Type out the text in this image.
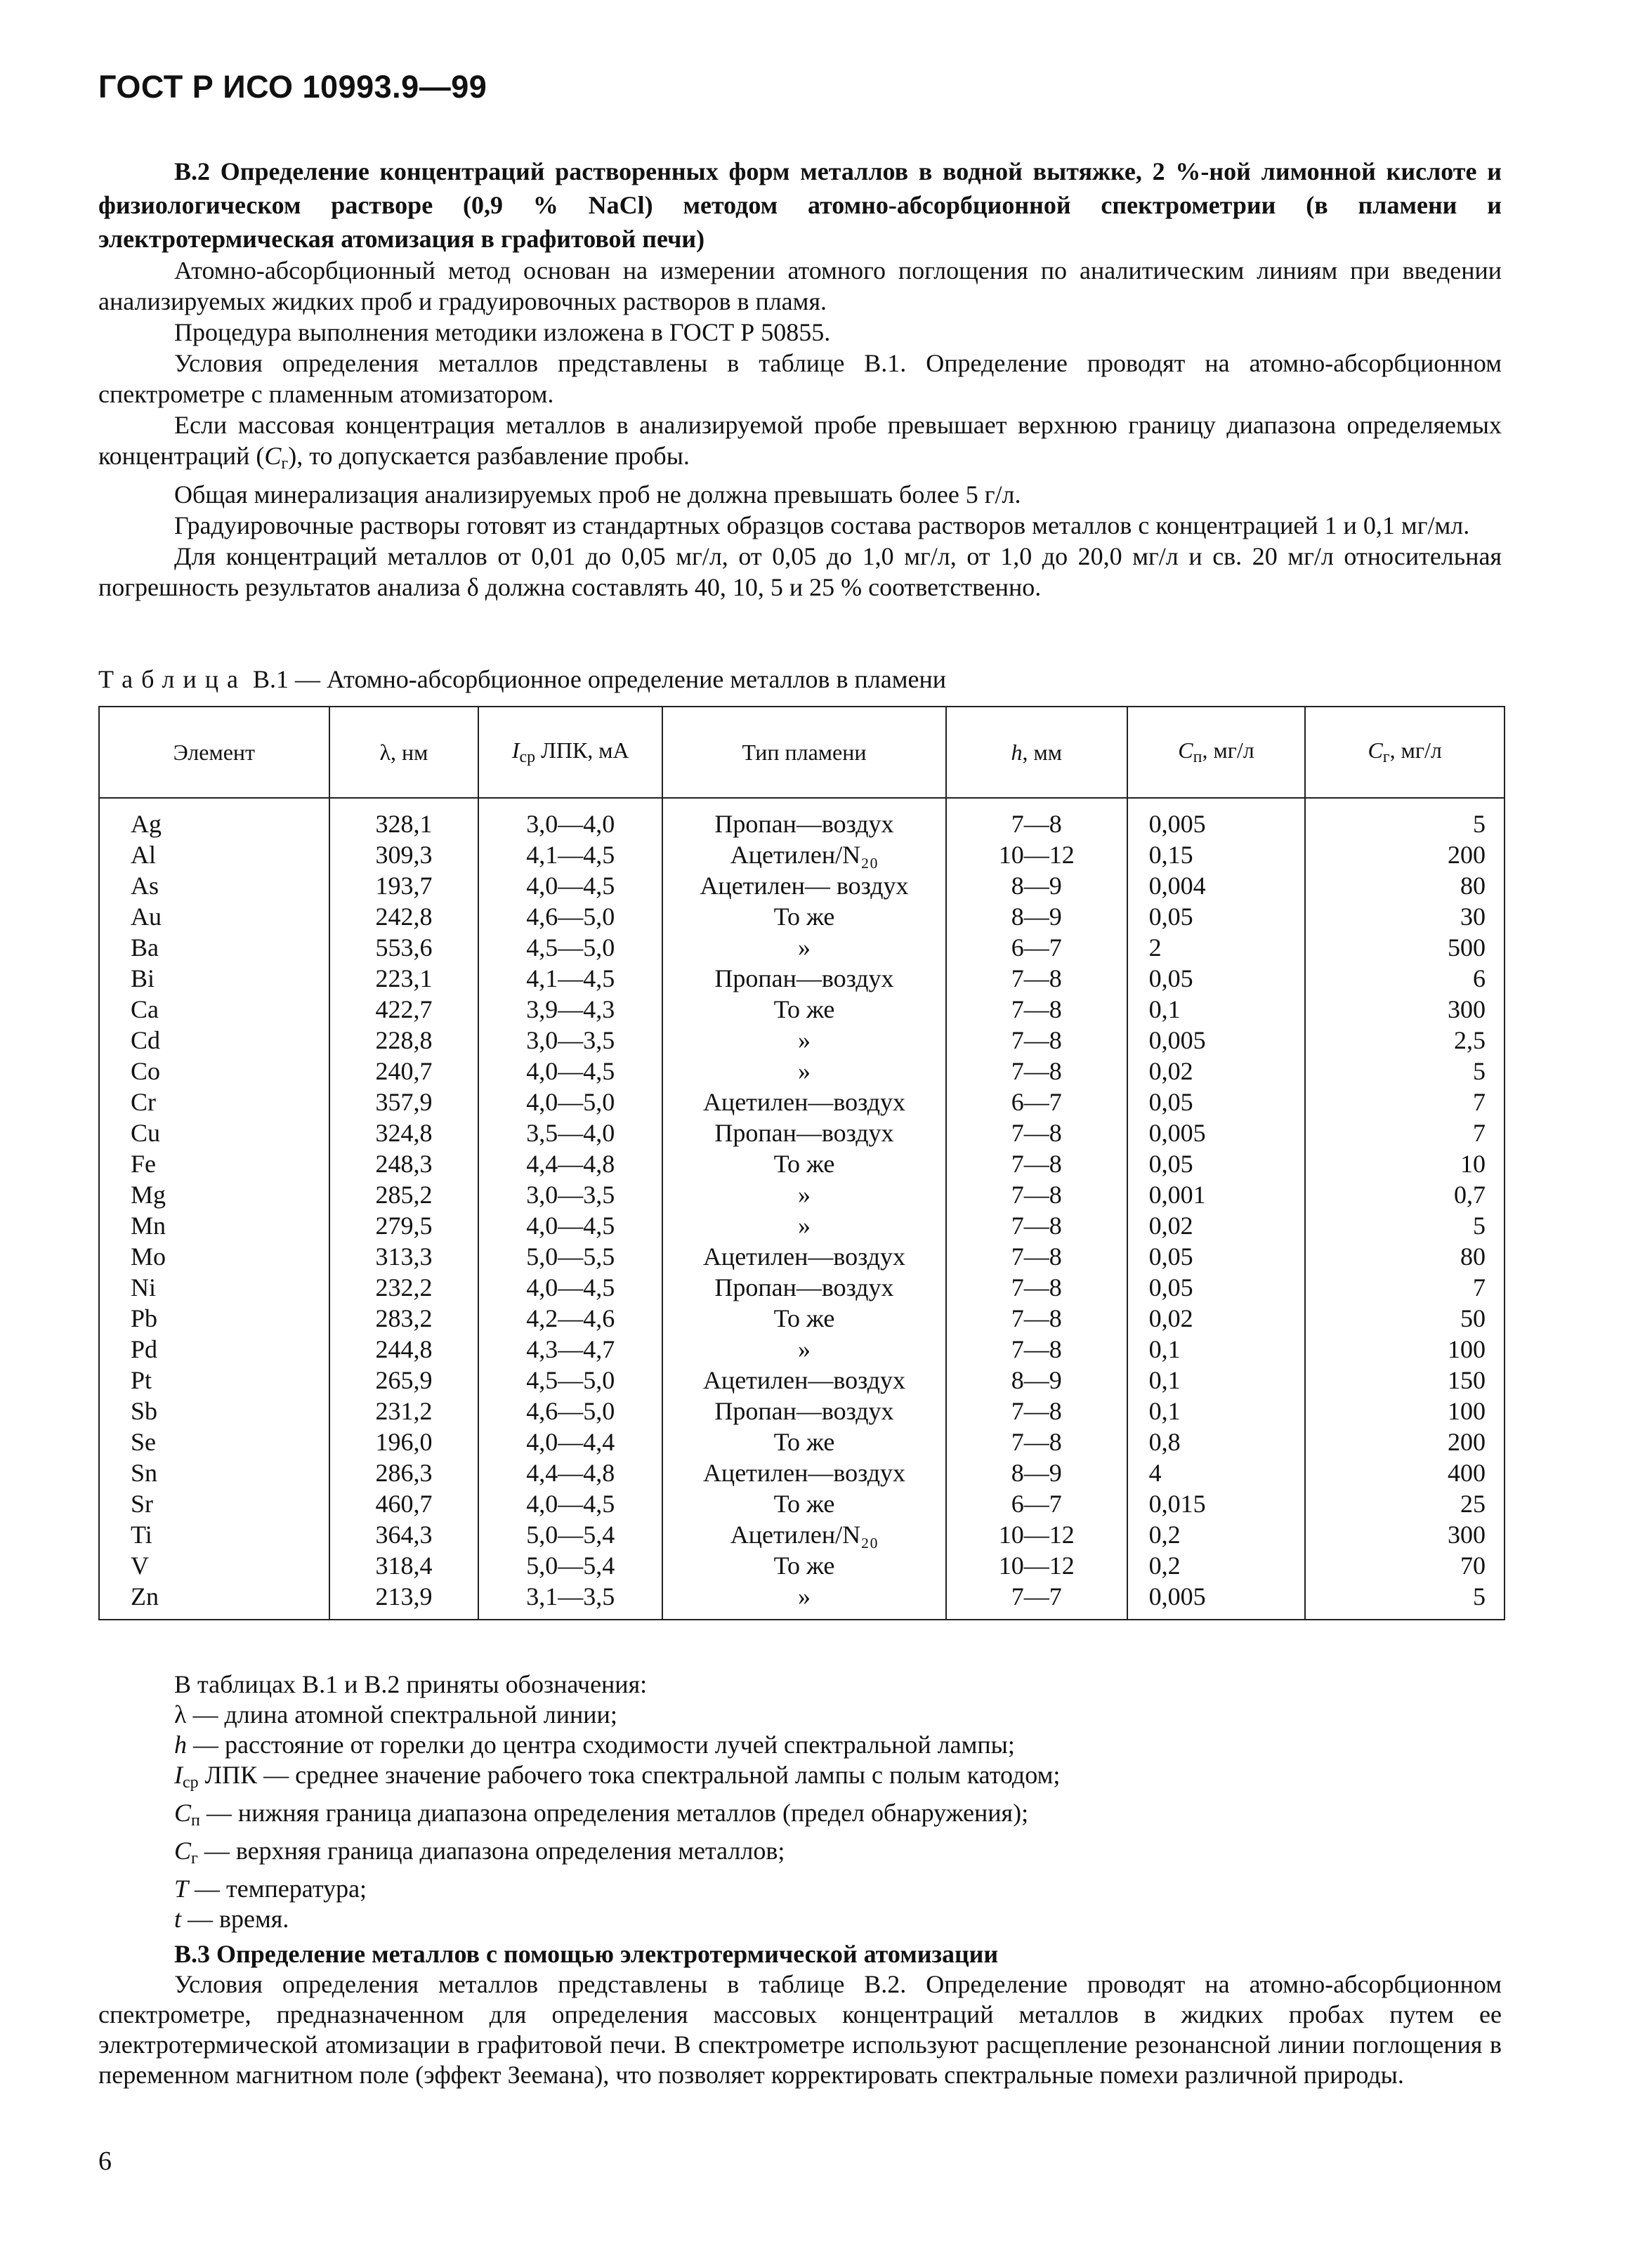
ГОСТ Р ИСО 10993.9—99
В.2 Определение концентраций растворенных форм металлов в водной вытяжке, 2 %-ной лимонной кислоте и физиологическом растворе (0,9 % NaCl) методом атомно-абсорбционной спектрометрии (в пламени и электротермическая атомизация в графитовой печи)

Атомно-абсорбционный метод основан на измерении атомного поглощения по аналитическим линиям при введении анализируемых жидких проб и градуировочных растворов в пламя.

Процедура выполнения методики изложена в ГОСТ Р 50855.

Условия определения металлов представлены в таблице В.1. Определение проводят на атомно-абсорбционном спектрометре с пламенным атомизатором.

Если массовая концентрация металлов в анализируемой пробе превышает верхнюю границу диапазона определяемых концентраций $(C_г)$, то допускается разбавление пробы.

Общая минерализация анализируемых проб не должна превышать более 5 г/л.

Градуировочные растворы готовят из стандартных образцов состава растворов металлов с концентрацией 1 и 0,1 мг/мл.

Для концентраций металлов от 0,01 до 0,05 мг/л, от 0,05 до 1,0 мг/л, от 1,0 до 20,0 мг/л и св. 20 мг/л относительная погрешность результатов анализа δ должна составлять 40, 10, 5 и 25 % соответственно.

Таблица В.1 — Атомно-абсорбционное определение металлов в пламени
Элемент	λ, нм	$I_{ср}$ ЛПК, мА	Тип пламени	h, мм	$C_п$, мг/л	$C_г$, мг/л
Ag	328,1	3,0—4,0	Пропан—воздух	7—8	0,005	5
Al	309,3	4,1—4,5	Ацетилен/N₂₀	10—12	0,15	200
As	193,7	4,0—4,5	Ацетилен— воздух	8—9	0,004	80
Au	242,8	4,6—5,0	То же	8—9	0,05	30
Ba	553,6	4,5—5,0	»	6—7	2	500
Bi	223,1	4,1—4,5	Пропан—воздух	7—8	0,05	6
Ca	422,7	3,9—4,3	То же	7—8	0,1	300
Cd	228,8	3,0—3,5	»	7—8	0,005	2,5
Co	240,7	4,0—4,5	»	7—8	0,02	5
Cr	357,9	4,0—5,0	Ацетилен—воздух	6—7	0,05	7
Cu	324,8	3,5—4,0	Пропан—воздух	7—8	0,005	7
Fe	248,3	4,4—4,8	То же	7—8	0,05	10
Mg	285,2	3,0—3,5	»	7—8	0,001	0,7
Mn	279,5	4,0—4,5	»	7—8	0,02	5
Mo	313,3	5,0—5,5	Ацетилен—воздух	7—8	0,05	80
Ni	232,2	4,0—4,5	Пропан—воздух	7—8	0,05	7
Pb	283,2	4,2—4,6	То же	7—8	0,02	50
Pd	244,8	4,3—4,7	»	7—8	0,1	100
Pt	265,9	4,5—5,0	Ацетилен—воздух	8—9	0,1	150
Sb	231,2	4,6—5,0	Пропан—воздух	7—8	0,1	100
Se	196,0	4,0—4,4	То же	7—8	0,8	200
Sn	286,3	4,4—4,8	Ацетилен—воздух	8—9	4	400
Sr	460,7	4,0—4,5	То же	6—7	0,015	25
Ti	364,3	5,0—5,4	Ацетилен/N₂₀	10—12	0,2	300
V	318,4	5,0—5,4	То же	10—12	0,2	70
Zn	213,9	3,1—3,5	»	7—7	0,005	5
В таблицах В.1 и В.2 приняты обозначения:
λ — длина атомной спектральной линии;
h — расстояние от горелки до центра сходимости лучей спектральной лампы;
$I_{ср}$ ЛПК — среднее значение рабочего тока спектральной лампы с полым катодом;
$C_п$ — нижняя граница диапазона определения металлов (предел обнаружения);
$C_г$ — верхняя граница диапазона определения металлов;
T — температура;
t — время.
В.3 Определение металлов с помощью электротермической атомизации

Условия определения металлов представлены в таблице В.2. Определение проводят на атомно-абсорбционном спектрометре, предназначенном для определения массовых концентраций металлов в жидких пробах путем ее электротермической атомизации в графитовой печи. В спектрометре используют расщепление резонансной линии поглощения в переменном магнитном поле (эффект Зеемана), что позволяет корректировать спектральные помехи различной природы.

6
